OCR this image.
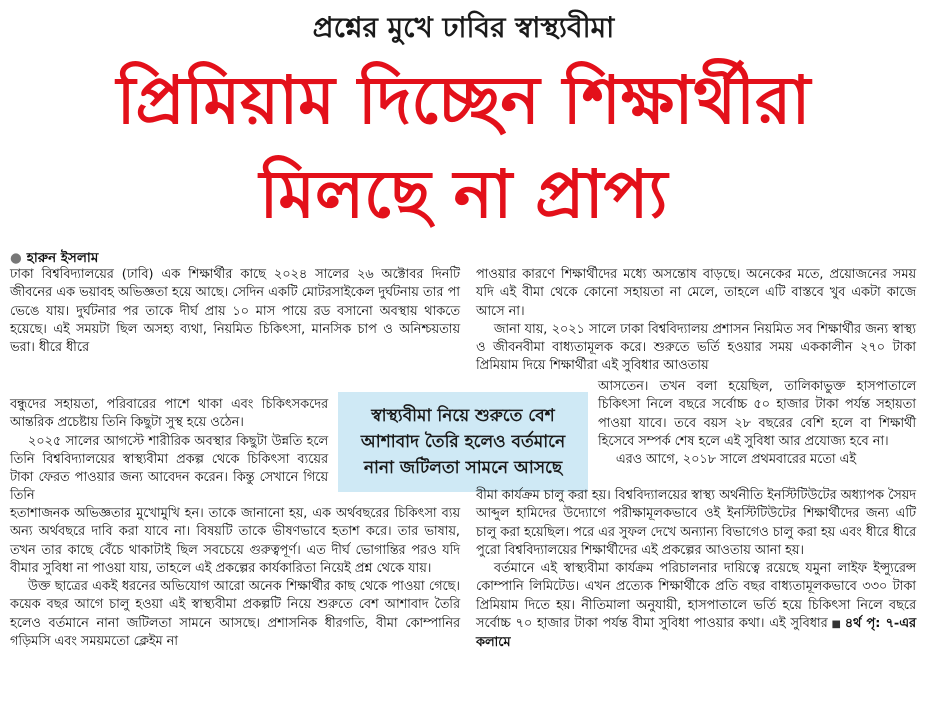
প্রশ্নের মুখে ঢাবির স্বাস্থ্যবীমা
প্রিমিয়াম দিচ্ছেন শিক্ষার্থীরা
মিলছে না প্রাপ্য
● হারুন ইসলাম

ঢাকা বিশ্ববিদ্যালয়ের (ঢাবি) এক শিক্ষার্থীর কাছে ২০২৪ সালের ২৬ অক্টোবর দিনটি জীবনের এক ভয়াবহ অভিজ্ঞতা হয়ে আছে। সেদিন একটি মোটরসাইকেল দুর্ঘটনায় তার পা ভেঙে যায়। দুর্ঘটনার পর তাকে দীর্ঘ প্রায় ১০ মাস পায়ে রড বসানো অবস্থায় থাকতে হয়েছে। এই সময়টা ছিল অসহ্য ব্যথা, নিয়মিত চিকিৎসা, মানসিক চাপ ও অনিশ্চয়তায় ভরা। ধীরে ধীরে

বন্ধুদের সহায়তা, পরিবারের পাশে থাকা এবং চিকিৎসকদের আন্তরিক প্রচেষ্টায় তিনি কিছুটা সুস্থ হয়ে ওঠেন।

২০২৫ সালের আগস্টে শারীরিক অবস্থার কিছুটা উন্নতি হলে তিনি বিশ্ববিদ্যালয়ের স্বাস্থ্যবীমা প্রকল্প থেকে চিকিৎসা ব্যয়ের টাকা ফেরত পাওয়ার জন্য আবেদন করেন। কিন্তু সেখানে গিয়ে তিনি

হতাশাজনক অভিজ্ঞতার মুখোমুখি হন। তাকে জানানো হয়, এক অর্থবছরের চিকিৎসা ব্যয় অন্য অর্থবছরে দাবি করা যাবে না। বিষয়টি তাকে ভীষণভাবে হতাশ করে। তার ভাষায়, তখন তার কাছে বেঁচে থাকাটাই ছিল সবচেয়ে গুরুত্বপূর্ণ। এত দীর্ঘ ভোগান্তির পরও যদি বীমার সুবিধা না পাওয়া যায়, তাহলে এই প্রকল্পের কার্যকারিতা নিয়েই প্রশ্ন থেকে যায়।

উক্ত ছাত্রের একই ধরনের অভিযোগ আরো অনেক শিক্ষার্থীর কাছ থেকে পাওয়া গেছে। কয়েক বছর আগে চালু হওয়া এই স্বাস্থ্যবীমা প্রকল্পটি নিয়ে শুরুতে বেশ আশাবাদ তৈরি হলেও বর্তমানে নানা জটিলতা সামনে আসছে। প্রশাসনিক ধীরগতি, বীমা কোম্পানির গড়িমসি এবং সময়মতো ক্লেইম না

স্বাস্থ্যবীমা নিয়ে শুরুতে বেশ আশাবাদ তৈরি হলেও বর্তমানে নানা জটিলতা সামনে আসছে

পাওয়ার কারণে শিক্ষার্থীদের মধ্যে অসন্তোষ বাড়ছে। অনেকের মতে, প্রয়োজনের সময় যদি এই বীমা থেকে কোনো সহায়তা না মেলে, তাহলে এটি বাস্তবে খুব একটা কাজে আসে না।

জানা যায়, ২০২১ সালে ঢাকা বিশ্ববিদ্যালয় প্রশাসন নিয়মিত সব শিক্ষার্থীর জন্য স্বাস্থ্য ও জীবনবীমা বাধ্যতামূলক করে। শুরুতে ভর্তি হওয়ার সময় এককালীন ২৭০ টাকা প্রিমিয়াম দিয়ে শিক্ষার্থীরা এই সুবিধার আওতায়

আসতেন। তখন বলা হয়েছিল, তালিকাভুক্ত হাসপাতালে চিকিৎসা নিলে বছরে সর্বোচ্চ ৫০ হাজার টাকা পর্যন্ত সহায়তা পাওয়া যাবে। তবে বয়স ২৮ বছরের বেশি হলে বা শিক্ষার্থী হিসেবে সম্পর্ক শেষ হলে এই সুবিধা আর প্রযোজ্য হবে না।

এরও আগে, ২০১৮ সালে প্রথমবারের মতো এই

বীমা কার্যক্রম চালু করা হয়। বিশ্ববিদ্যালয়ের স্বাস্থ্য অর্থনীতি ইনস্টিটিউটের অধ্যাপক সৈয়দ আব্দুল হামিদের উদ্যোগে পরীক্ষামূলকভাবে ওই ইনস্টিটিউটের শিক্ষার্থীদের জন্য এটি চালু করা হয়েছিল। পরে এর সুফল দেখে অন্যান্য বিভাগেও চালু করা হয় এবং ধীরে ধীরে পুরো বিশ্ববিদ্যালয়ের শিক্ষার্থীদের এই প্রকল্পের আওতায় আনা হয়।

বর্তমানে এই স্বাস্থ্যবীমা কার্যক্রম পরিচালনার দায়িত্বে রয়েছে যমুনা লাইফ ইন্স্যুরেন্স কোম্পানি লিমিটেড। এখন প্রত্যেক শিক্ষার্থীকে প্রতি বছর বাধ্যতামূলকভাবে ৩৩০ টাকা প্রিমিয়াম দিতে হয়। নীতিমালা অনুযায়ী, হাসপাতালে ভর্তি হয়ে চিকিৎসা নিলে বছরে সর্বোচ্চ ৭০ হাজার টাকা পর্যন্ত বীমা সুবিধা পাওয়ার কথা। এই সুবিধার ■ ৪র্থ পৃ: ৭-এর কলামে
